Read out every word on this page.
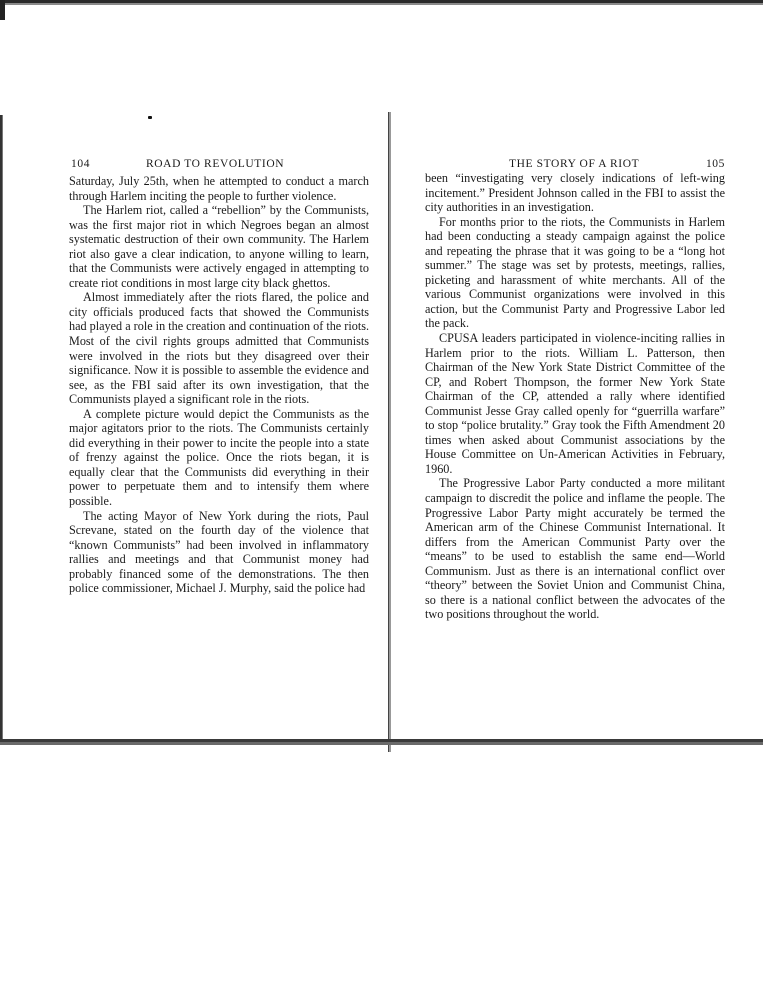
104	ROAD TO REVOLUTION

Saturday, July 25th, when he attempted to conduct a march through Harlem inciting the people to further violence.

The Harlem riot, called a “rebellion” by the Communists, was the first major riot in which Negroes began an almost systematic destruction of their own community. The Harlem riot also gave a clear indication, to anyone willing to learn, that the Communists were actively engaged in attempting to create riot conditions in most large city black ghettos.

Almost immediately after the riots flared, the police and city officials produced facts that showed the Communists had played a role in the creation and continuation of the riots. Most of the civil rights groups admitted that Communists were involved in the riots but they disagreed over their significance. Now it is possible to assemble the evidence and see, as the FBI said after its own investigation, that the Communists played a significant role in the riots.

A complete picture would depict the Communists as the major agitators prior to the riots. The Communists certainly did everything in their power to incite the people into a state of frenzy against the police. Once the riots began, it is equally clear that the Communists did everything in their power to perpetuate them and to intensify them where possible.

The acting Mayor of New York during the riots, Paul Screvane, stated on the fourth day of the violence that “known Communists” had been involved in inflammatory rallies and meetings and that Communist money had probably financed some of the demonstrations. The then police commissioner, Michael J. Murphy, said the police had

THE STORY OF A RIOT	105

been “investigating very closely indications of left-wing incitement.” President Johnson called in the FBI to assist the city authorities in an investigation.

For months prior to the riots, the Communists in Harlem had been conducting a steady campaign against the police and repeating the phrase that it was going to be a “long hot summer.” The stage was set by protests, meetings, rallies, picketing and harassment of white merchants. All of the various Communist organizations were involved in this action, but the Communist Party and Progressive Labor led the pack.

CPUSA leaders participated in violence-inciting rallies in Harlem prior to the riots. William L. Patterson, then Chairman of the New York State District Committee of the CP, and Robert Thompson, the former New York State Chairman of the CP, attended a rally where identified Communist Jesse Gray called openly for “guerrilla warfare” to stop “police brutality.” Gray took the Fifth Amendment 20 times when asked about Communist associations by the House Committee on Un-American Activities in February, 1960.

The Progressive Labor Party conducted a more militant campaign to discredit the police and inflame the people. The Progressive Labor Party might accurately be termed the American arm of the Chinese Communist International. It differs from the American Communist Party over the “means” to be used to establish the same end—World Communism. Just as there is an international conflict over “theory” between the Soviet Union and Communist China, so there is a national conflict between the advocates of the two positions throughout the world.
